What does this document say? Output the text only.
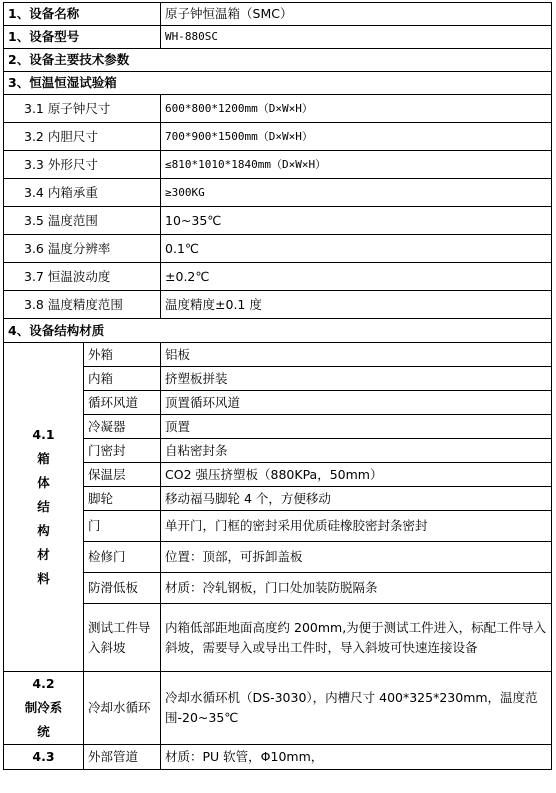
1、设备名称		原子钟恒温箱（SMC）
1、设备型号		WH-880SC
2、设备主要技术参数		
3、恒温恒湿试验箱		
3.1 原子钟尺寸		600*800*1200mm（D×W×H）
3.2 内胆尺寸		700*900*1500mm（D×W×H）
3.3 外形尺寸		≤810*1010*1840mm（D×W×H）
3.4 内箱承重		≥300KG
3.5 温度范围		10~35℃
3.6 温度分辨率		0.1℃
3.7 恒温波动度		±0.2℃
3.8 温度精度范围		温度精度±0.1 度
4、设备结构材质		

4.1
箱体结构材料	外箱	铝板
	内箱	挤塑板拼装
	循环风道	顶置循环风道
	冷凝器	顶置
	门密封	自粘密封条
	保温层	CO2 强压挤塑板（880KPa，50mm）
	脚轮	移动福马脚轮 4 个，方便移动
	门	单开门，门框的密封采用优质硅橡胶密封条密封
	检修门	位置：顶部，可拆卸盖板
	防滑低板	材质：冷轧钢板，门口处加装防脱隔条
	测试工件导入斜坡	内箱低部距地面高度约 200mm,为便于测试工件进入，标配工件导入斜坡，需要导入或导出工件时，导入斜坡可快速连接设备

4.2
制冷系统	冷却水循环	冷却水循环机（DS-3030），内槽尺寸 400*325*230mm，温度范围-20~35℃

4.3	外部管道	材质：PU 软管，Φ10mm，
